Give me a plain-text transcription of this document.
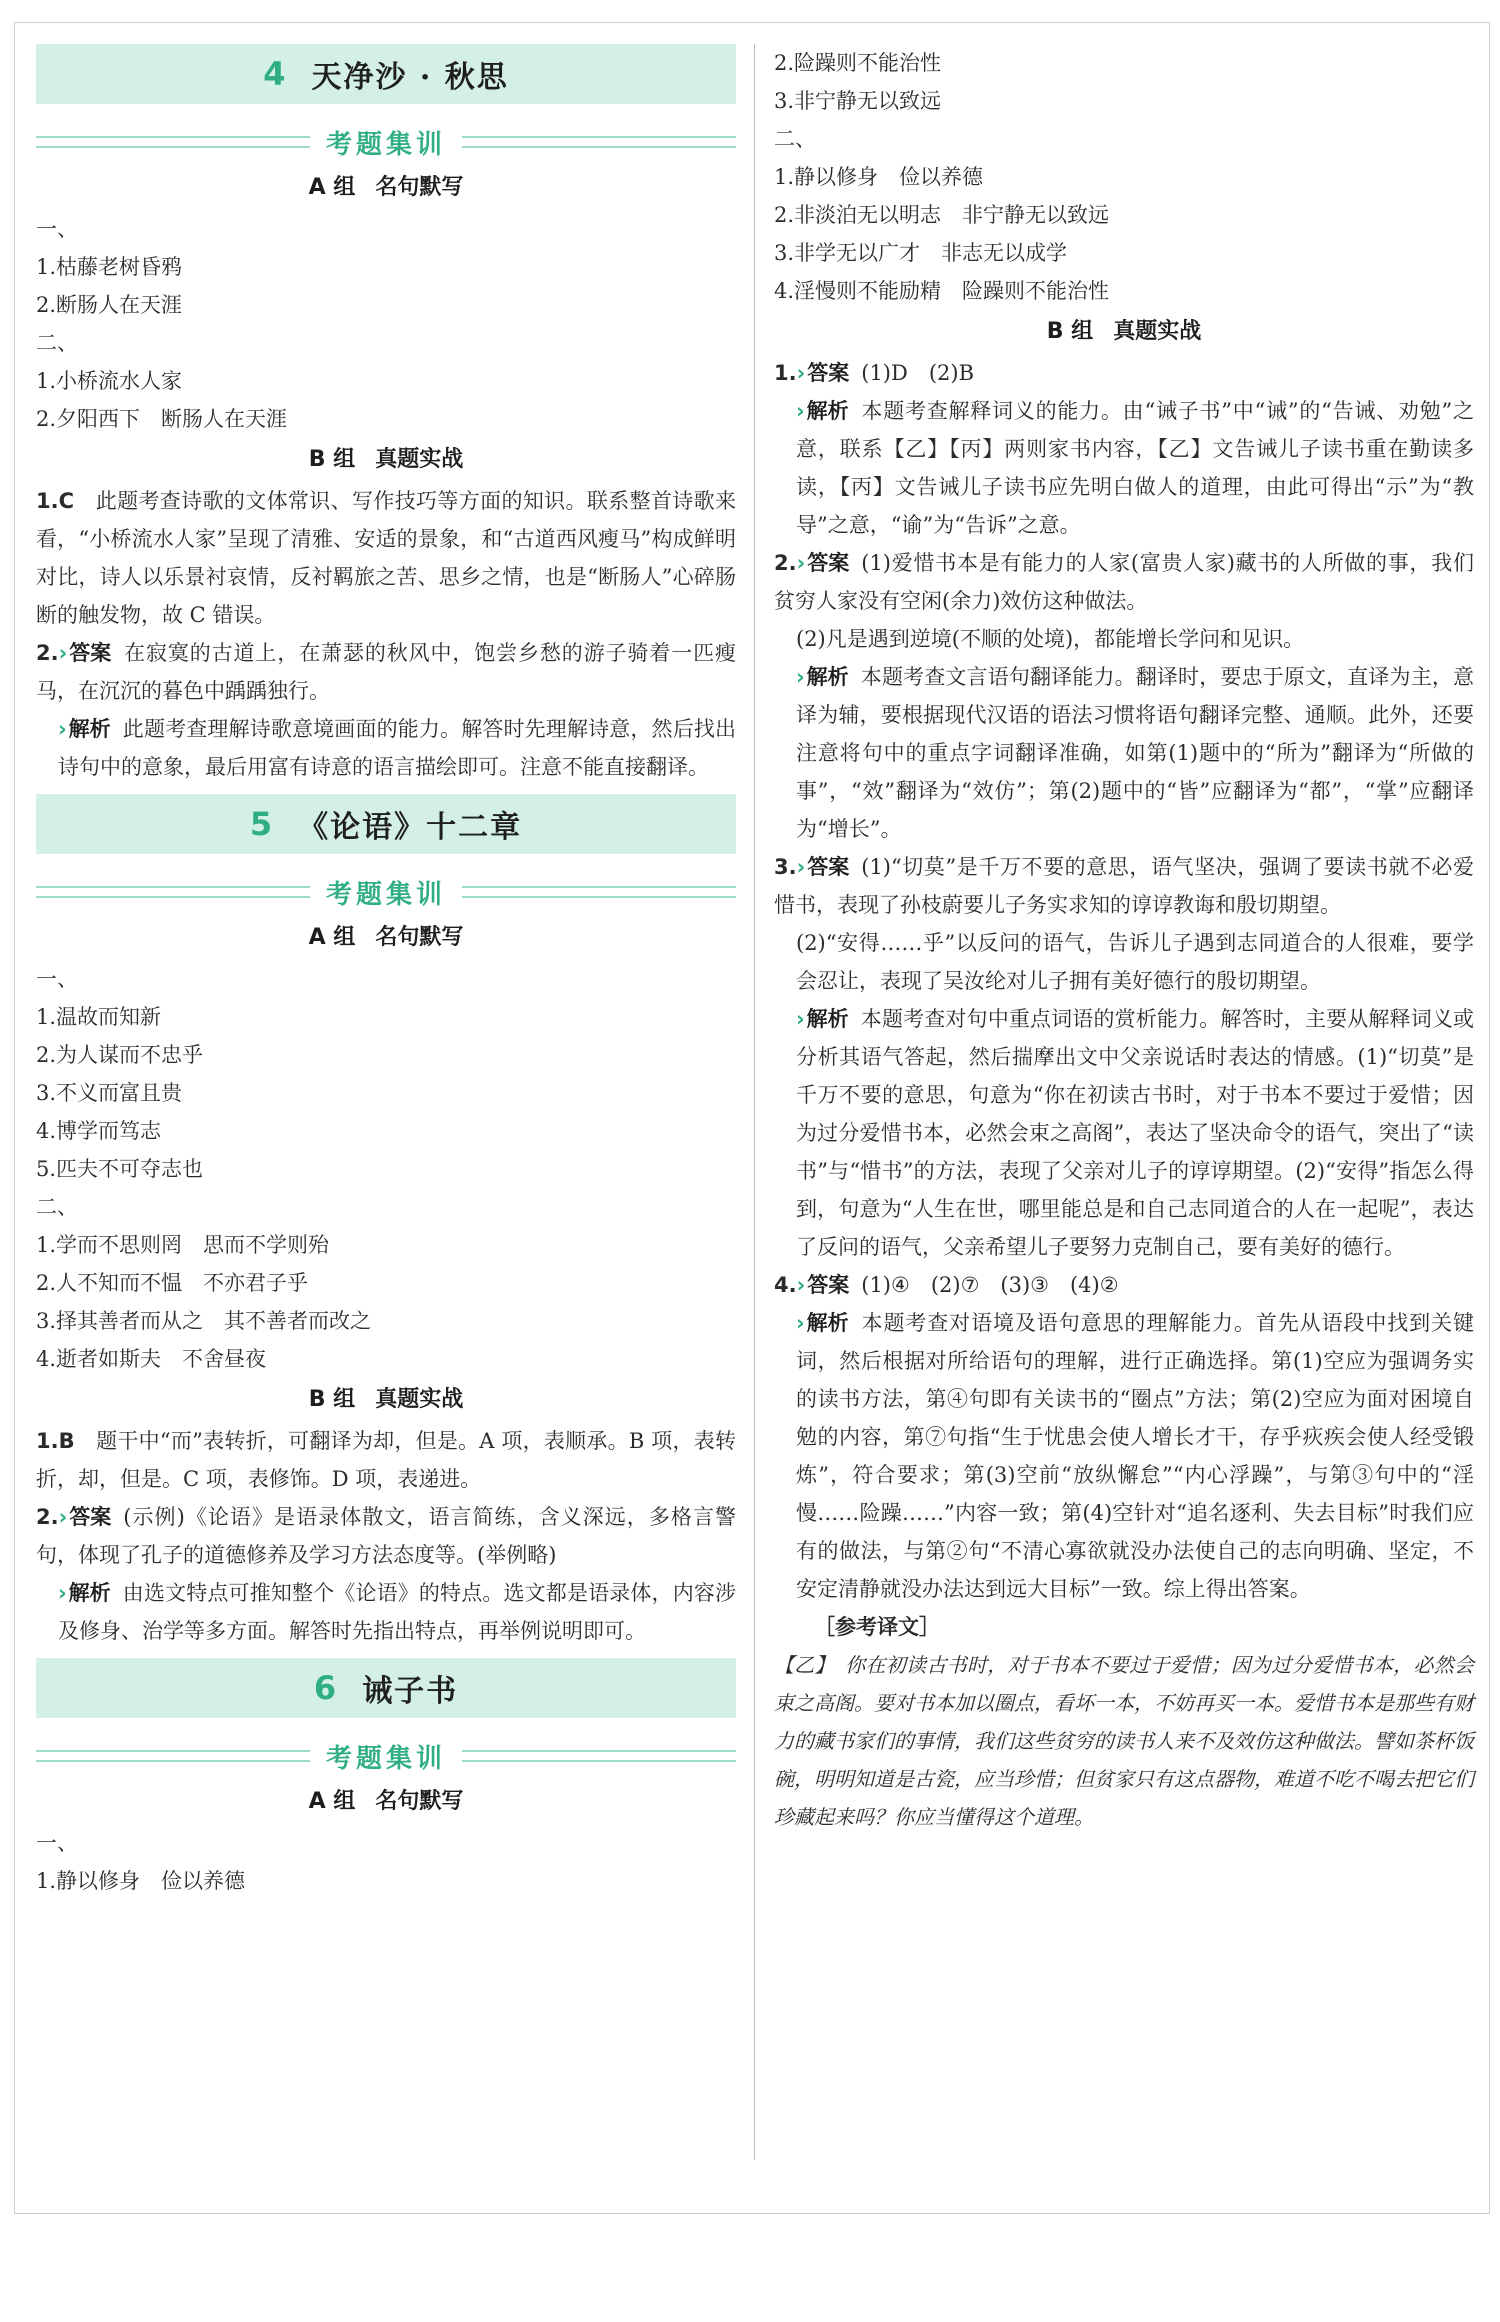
4 天净沙 · 秋思
考题集训
A 组 名句默写
一、
1.枯藤老树昏鸦
2.断肠人在天涯
二、
1.小桥流水人家
2.夕阳西下　断肠人在天涯
B 组 真题实战
1.C　 此题考查诗歌的文体常识、写作技巧等方面的知识。联系整首诗歌来看，“小桥流水人家”呈现了清雅、安适的景象，和“古道西风瘦马”构成鲜明对比，诗人以乐景衬哀情，反衬羁旅之苦、思乡之情，也是“断肠人”心碎肠断的触发物，故 C 错误。
2. › 答案 在寂寞的古道上，在萧瑟的秋风中，饱尝乡愁的游子骑着一匹瘦马，在沉沉的暮色中踽踽独行。
› 解析 此题考查理解诗歌意境画面的能力。解答时先理解诗意，然后找出诗句中的意象，最后用富有诗意的语言描绘即可。注意不能直接翻译。
5 《论语》十二章
考题集训
A 组 名句默写
一、
1.温故而知新
2.为人谋而不忠乎
3.不义而富且贵
4.博学而笃志
5.匹夫不可夺志也
二、
1.学而不思则罔　思而不学则殆
2.人不知而不愠　不亦君子乎
3.择其善者而从之　其不善者而改之
4.逝者如斯夫　不舍昼夜
B 组 真题实战
1.B　 题干中“而”表转折，可翻译为却，但是。A 项，表顺承。B 项，表转折，却，但是。C 项，表修饰。D 项，表递进。
2. › 答案 (示例)《论语》是语录体散文，语言简练，含义深远，多格言警句，体现了孔子的道德修养及学习方法态度等。(举例略)
› 解析 由选文特点可推知整个《论语》的特点。选文都是语录体，内容涉及修身、治学等多方面。解答时先指出特点，再举例说明即可。
6 诫子书
考题集训
A 组 名句默写
一、
1.静以修身　俭以养德
2.险躁则不能治性
3.非宁静无以致远
二、
1.静以修身　俭以养德
2.非淡泊无以明志　非宁静无以致远
3.非学无以广才　非志无以成学
4.淫慢则不能励精　险躁则不能治性
B 组 真题实战
1. › 答案 (1)D　(2)B
› 解析 本题考查解释词义的能力。由“诫子书”中“诫”的“告诫、劝勉”之意，联系【乙】【丙】两则家书内容，【乙】文告诫儿子读书重在勤读多读，【丙】文告诫儿子读书应先明白做人的道理，由此可得出“示”为“教导”之意，“谕”为“告诉”之意。
2. › 答案 (1)爱惜书本是有能力的人家(富贵人家)藏书的人所做的事，我们贫穷人家没有空闲(余力)效仿这种做法。
(2)凡是遇到逆境(不顺的处境)，都能增长学问和见识。
› 解析 本题考查文言语句翻译能力。翻译时，要忠于原文，直译为主，意译为辅，要根据现代汉语的语法习惯将语句翻译完整、通顺。此外，还要注意将句中的重点字词翻译准确，如第(1)题中的“所为”翻译为“所做的事”，“效”翻译为“效仿”；第(2)题中的“皆”应翻译为“都”，“掌”应翻译为“增长”。
3. › 答案 (1)“切莫”是千万不要的意思，语气坚决，强调了要读书就不必爱惜书，表现了孙枝蔚要儿子务实求知的谆谆教诲和殷切期望。
(2)“安得……乎”以反问的语气，告诉儿子遇到志同道合的人很难，要学会忍让，表现了吴汝纶对儿子拥有美好德行的殷切期望。
› 解析 本题考查对句中重点词语的赏析能力。解答时，主要从解释词义或分析其语气答起，然后揣摩出文中父亲说话时表达的情感。(1)“切莫”是千万不要的意思，句意为“你在初读古书时，对于书本不要过于爱惜；因为过分爱惜书本，必然会束之高阁”，表达了坚决命令的语气，突出了“读书”与“惜书”的方法，表现了父亲对儿子的谆谆期望。(2)“安得”指怎么得到，句意为“人生在世，哪里能总是和自己志同道合的人在一起呢”，表达了反问的语气，父亲希望儿子要努力克制自己，要有美好的德行。
4. › 答案 (1)④　(2)⑦　(3)③　(4)②
› 解析 本题考查对语境及语句意思的理解能力。首先从语段中找到关键词，然后根据对所给语句的理解，进行正确选择。第(1)空应为强调务实的读书方法，第④句即有关读书的“圈点”方法；第(2)空应为面对困境自勉的内容，第⑦句指“生于忧患会使人增长才干，存乎疢疾会使人经受锻炼”，符合要求；第(3)空前“放纵懈怠”“内心浮躁”，与第③句中的“淫慢……险躁……”内容一致；第(4)空针对“追名逐利、失去目标”时我们应有的做法，与第②句“不清心寡欲就没办法使自己的志向明确、坚定，不安定清静就没办法达到远大目标”一致。综上得出答案。
［参考译文］
【乙】　你在初读古书时，对于书本不要过于爱惜；因为过分爱惜书本，必然会束之高阁。要对书本加以圈点，看坏一本，不妨再买一本。爱惜书本是那些有财力的藏书家们的事情，我们这些贫穷的读书人来不及效仿这种做法。譬如茶杯饭碗，明明知道是古瓷，应当珍惜；但贫家只有这点器物，难道不吃不喝去把它们珍藏起来吗？你应当懂得这个道理。
